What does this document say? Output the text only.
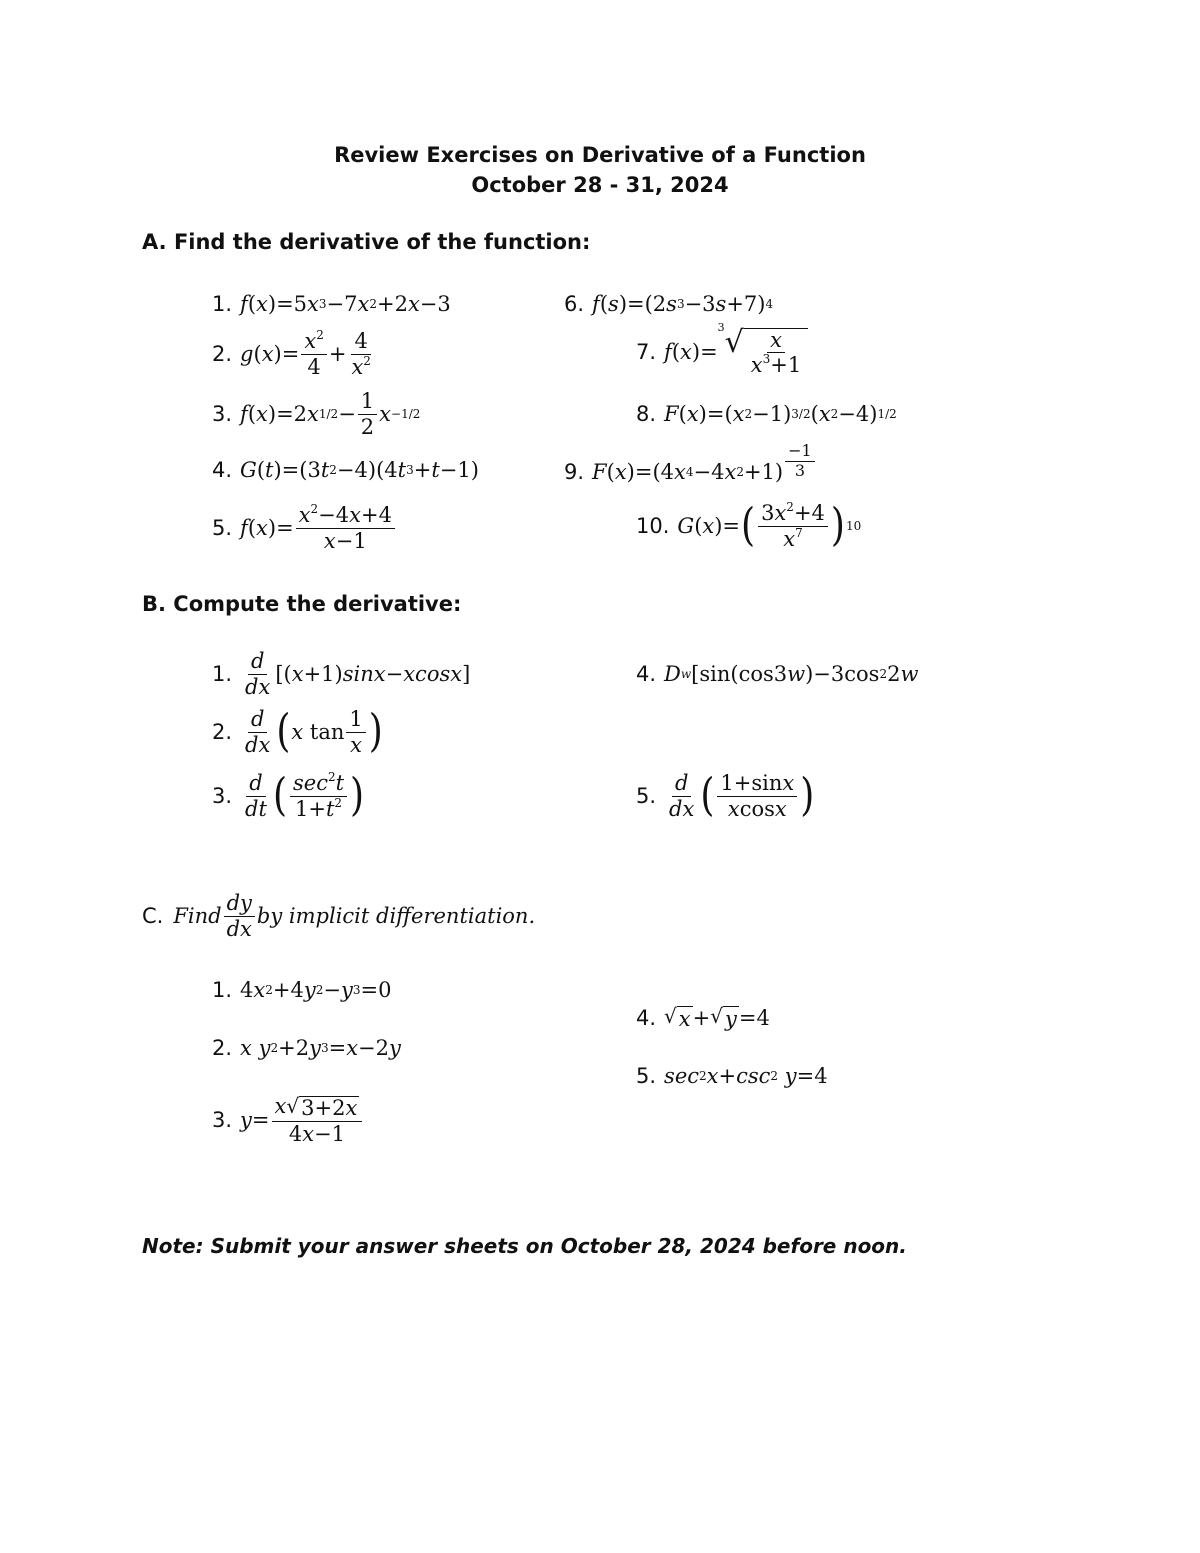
Review Exercises on Derivative of a Function
October 28 - 31, 2024
A. Find the derivative of the function:
1. f ( x )=5 x 3 −7 x 2 +2 x −3
2. g ( x )= $\frac{x^2}{4} + \frac{4}{x^2}$
3. f ( x )=2 x $1/2 - \frac{1}{2}$ x −1/2
4. G ( t )=(3 t 2 −4)(4 t 3 + t −1)
5. f ( x )= $\frac{x^2-4x+4}{x-1}$
6. f ( s )=(2 s 3 −3 s +7) 4
7. f ( x )=
3 √ $\frac{x}{x^3+1}$
8. F ( x )=( x 2 −1) 3/2 ( x 2 −4) 1/2
9. F ( x )=(4 x 4 −4 x $2 +1) \frac{-1}{3}$
10. G ( x )= ( $\frac{3x^2+4}{x^7}$ ) 10
B. Compute the derivative:
1. $\frac{d}{dx}$ [( x +1) sinx − xcosx ]
2. $\frac{d}{dx}$ ( x $\tan \frac{1}{x}$ )
3. $\frac{d}{dt}$ ( $\frac{\sec^2t}{1+t^2}$ )
4. D w [sin(cos3 w )−3cos 2 2 w
5. $\frac{d}{dx}$ ( $\frac{1+\sin x}{xcosx}$ )
C. Find $\frac{dy}{dx}$ by implicit differentiation.
1. 4 x 2 +4 y 2 − y 3 =0
2. x
y 2 +2 y 3 = x −2 y
3. $y = \frac{x √ 3+2x}{4x-1}$
4. √ x + √ y =4
5. sec 2 x + csc 2
y =4
Note: Submit your answer sheets on October 28, 2024 before noon.
